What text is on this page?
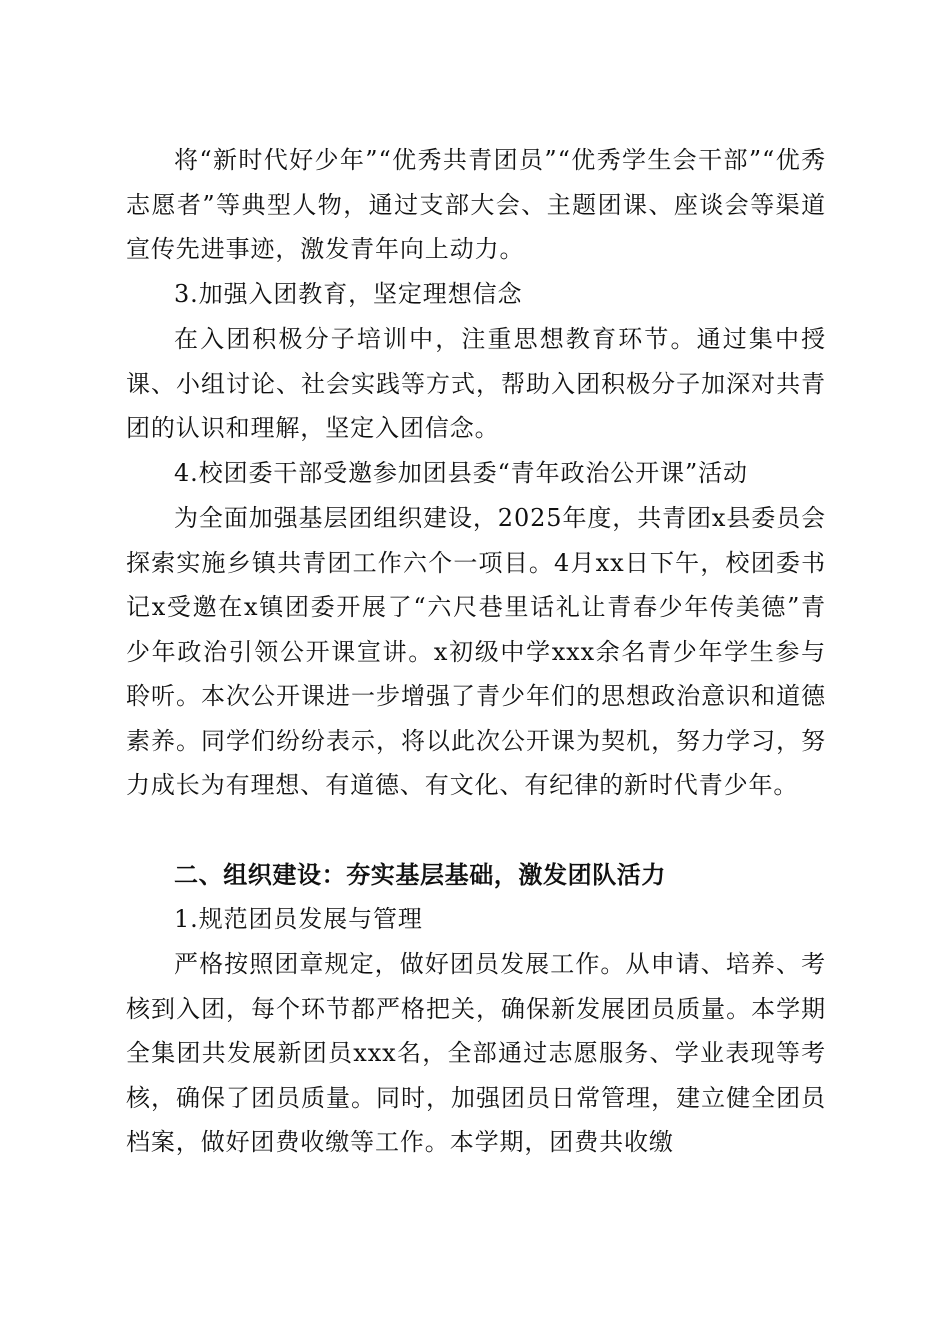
将“新时代好少年”“优秀共青团员”“优秀学生会干部”“优秀志愿者”等典型人物，通过支部大会、主题团课、座谈会等渠道宣传先进事迹，激发青年向上动力。

3.加强入团教育，坚定理想信念

在入团积极分子培训中，注重思想教育环节。通过集中授课、小组讨论、社会实践等方式，帮助入团积极分子加深对共青团的认识和理解，坚定入团信念。

4.校团委干部受邀参加团县委“青年政治公开课”活动

为全面加强基层团组织建设，2025年度，共青团x县委员会探索实施乡镇共青团工作六个一项目。4月xx日下午，校团委书记x受邀在x镇团委开展了“六尺巷里话礼让青春少年传美德”青少年政治引领公开课宣讲。x初级中学xxx余名青少年学生参与聆听。本次公开课进一步增强了青少年们的思想政治意识和道德素养。同学们纷纷表示，将以此次公开课为契机，努力学习，努力成长为有理想、有道德、有文化、有纪律的新时代青少年。

二、组织建设：夯实基层基础，激发团队活力

1.规范团员发展与管理

严格按照团章规定，做好团员发展工作。从申请、培养、考核到入团，每个环节都严格把关，确保新发展团员质量。本学期全集团共发展新团员xxx名，全部通过志愿服务、学业表现等考核，确保了团员质量。同时，加强团员日常管理，建立健全团员档案，做好团费收缴等工作。本学期，团费共收缴
